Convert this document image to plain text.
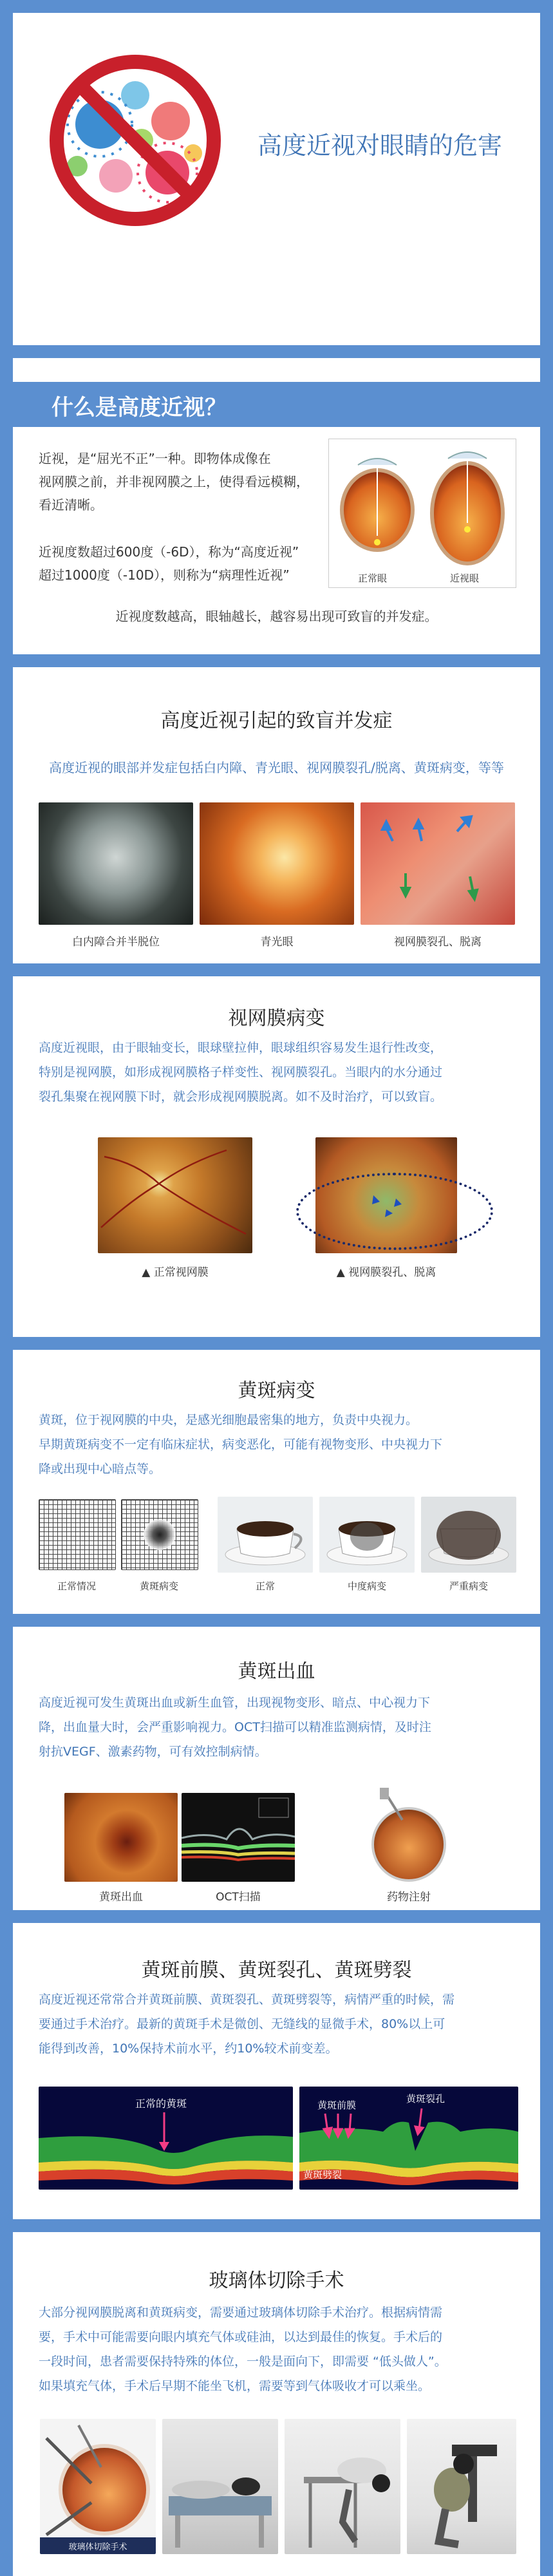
高度近视对眼睛的危害
什么是高度近视？
近视，是“屈光不正”一种。即物体成像在
视网膜之前，并非视网膜之上，使得看远模糊，
看近清晰。
近视度数超过600度（-6D），称为“高度近视”
超过1000度（-10D），则称为“病理性近视”	正常眼	近视眼
近视度数越高，眼轴越长，越容易出现可致盲的并发症。
高度近视引起的致盲并发症
高度近视的眼部并发症包括白内障、青光眼、视网膜裂孔/脱离、黄斑病变，等等
白内障合并半脱位	青光眼	视网膜裂孔、脱离
视网膜病变
高度近视眼，由于眼轴变长，眼球壁拉伸，眼球组织容易发生退行性改变，
特别是视网膜，如形成视网膜格子样变性、视网膜裂孔。当眼内的水分通过
裂孔集聚在视网膜下时，就会形成视网膜脱离。如不及时治疗，可以致盲。
▲ 正常视网膜	▲ 视网膜裂孔、脱离
黄斑病变
黄斑，位于视网膜的中央，是感光细胞最密集的地方，负责中央视力。
早期黄斑病变不一定有临床症状，病变恶化，可能有视物变形、中央视力下
降或出现中心暗点等。
正常情况	黄斑病变	正常	中度病变	严重病变
黄斑出血
高度近视可发生黄斑出血或新生血管，出现视物变形、暗点、中心视力下
降，出血量大时，会严重影响视力。OCT扫描可以精准监测病情，及时注
射抗VEGF、激素药物，可有效控制病情。
黄斑出血	OCT扫描	药物注射
黄斑前膜、黄斑裂孔、黄斑劈裂
高度近视还常常合并黄斑前膜、黄斑裂孔、黄斑劈裂等，病情严重的时候，需
要通过手术治疗。最新的黄斑手术是微创、无缝线的显微手术，80%以上可
能得到改善，10%保持术前水平，约10%较术前变差。
正常的黄斑	黄斑前膜
黄斑裂孔
黄斑劈裂
玻璃体切除手术
大部分视网膜脱离和黄斑病变，需要通过玻璃体切除手术治疗。根据病情需
要，手术中可能需要向眼内填充气体或硅油，以达到最佳的恢复。手术后的
一段时间，患者需要保持特殊的体位，一般是面向下，即需要 “低头做人”。
如果填充气体，手术后早期不能坐飞机，需要等到气体吸收才可以乘坐。
玻璃体切除手术
